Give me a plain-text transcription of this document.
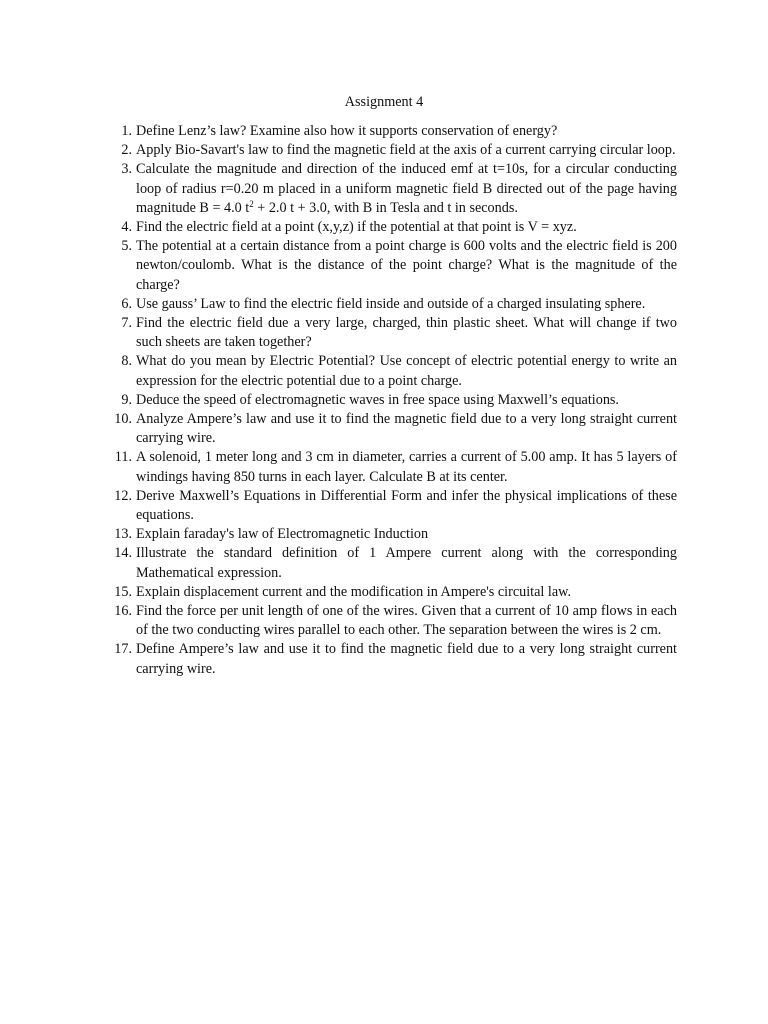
Assignment 4
1. Define Lenz’s law? Examine also how it supports conservation of energy?
2. Apply Bio-Savart's law to find the magnetic field at the axis of a current carrying circular loop.
3. Calculate the magnitude and direction of the induced emf at t=10s, for a circular conducting loop of radius r=0.20 m placed in a uniform magnetic field B directed out of the page having magnitude B = 4.0 $t^2 + 2.0$ t + 3.0, with B in Tesla and t in seconds.
4. Find the electric field at a point (x,y,z) if the potential at that point is V = xyz.
5. The potential at a certain distance from a point charge is 600 volts and the electric field is 200 newton/coulomb. What is the distance of the point charge? What is the magnitude of the charge?
6. Use gauss’ Law to find the electric field inside and outside of a charged insulating sphere.
7. Find the electric field due a very large, charged, thin plastic sheet. What will change if two such sheets are taken together?
8. What do you mean by Electric Potential? Use concept of electric potential energy to write an expression for the electric potential due to a point charge.
9. Deduce the speed of electromagnetic waves in free space using Maxwell’s equations.
10. Analyze Ampere’s law and use it to find the magnetic field due to a very long straight current carrying wire.
11. A solenoid, 1 meter long and 3 cm in diameter, carries a current of 5.00 amp. It has 5 layers of windings having 850 turns in each layer. Calculate B at its center.
12. Derive Maxwell’s Equations in Differential Form and infer the physical implications of these equations.
13. Explain faraday's law of Electromagnetic Induction
14. Illustrate the standard definition of 1 Ampere current along with the corresponding Mathematical expression.
15. Explain displacement current and the modification in Ampere's circuital law.
16. Find the force per unit length of one of the wires. Given that a current of 10 amp flows in each of the two conducting wires parallel to each other. The separation between the wires is 2 cm.
17. Define Ampere’s law and use it to find the magnetic field due to a very long straight current carrying wire.
